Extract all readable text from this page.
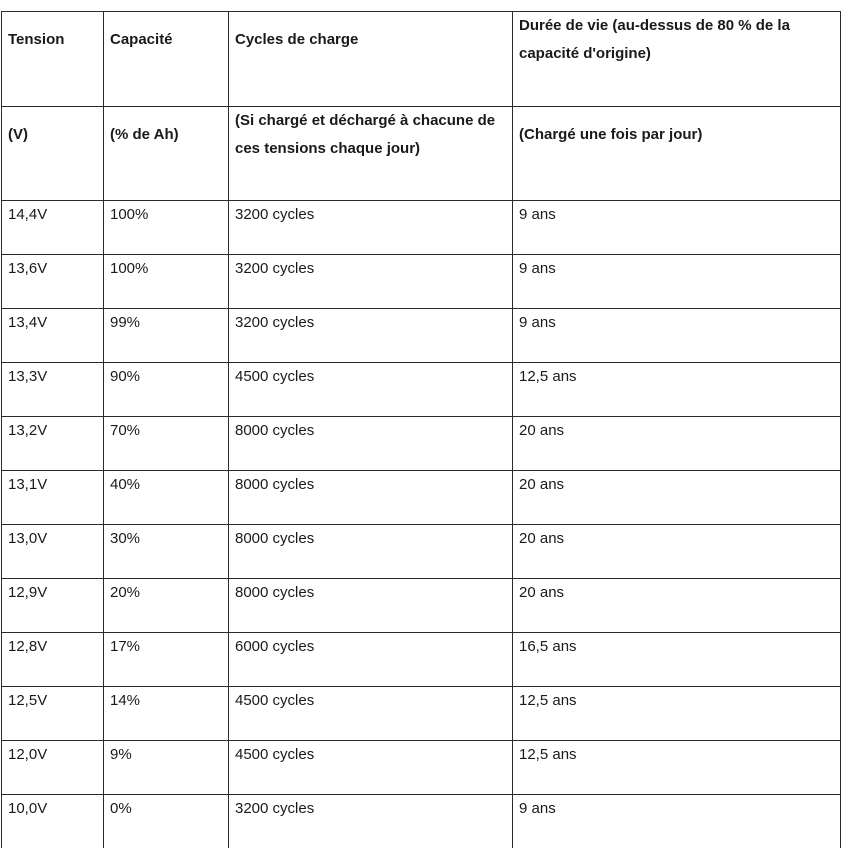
Tension	Capacité	Cycles de charge	Durée de vie (au-dessus de 80 % de la capacité d'origine)
(V)	(% de Ah)	(Si chargé et déchargé à chacune de ces tensions chaque jour)	(Chargé une fois par jour)
14,4V	100%	3200 cycles	9 ans
13,6V	100%	3200 cycles	9 ans
13,4V	99%	3200 cycles	9 ans
13,3V	90%	4500 cycles	12,5 ans
13,2V	70%	8000 cycles	20 ans
13,1V	40%	8000 cycles	20 ans
13,0V	30%	8000 cycles	20 ans
12,9V	20%	8000 cycles	20 ans
12,8V	17%	6000 cycles	16,5 ans
12,5V	14%	4500 cycles	12,5 ans
12,0V	9%	4500 cycles	12,5 ans
10,0V	0%	3200 cycles	9 ans
